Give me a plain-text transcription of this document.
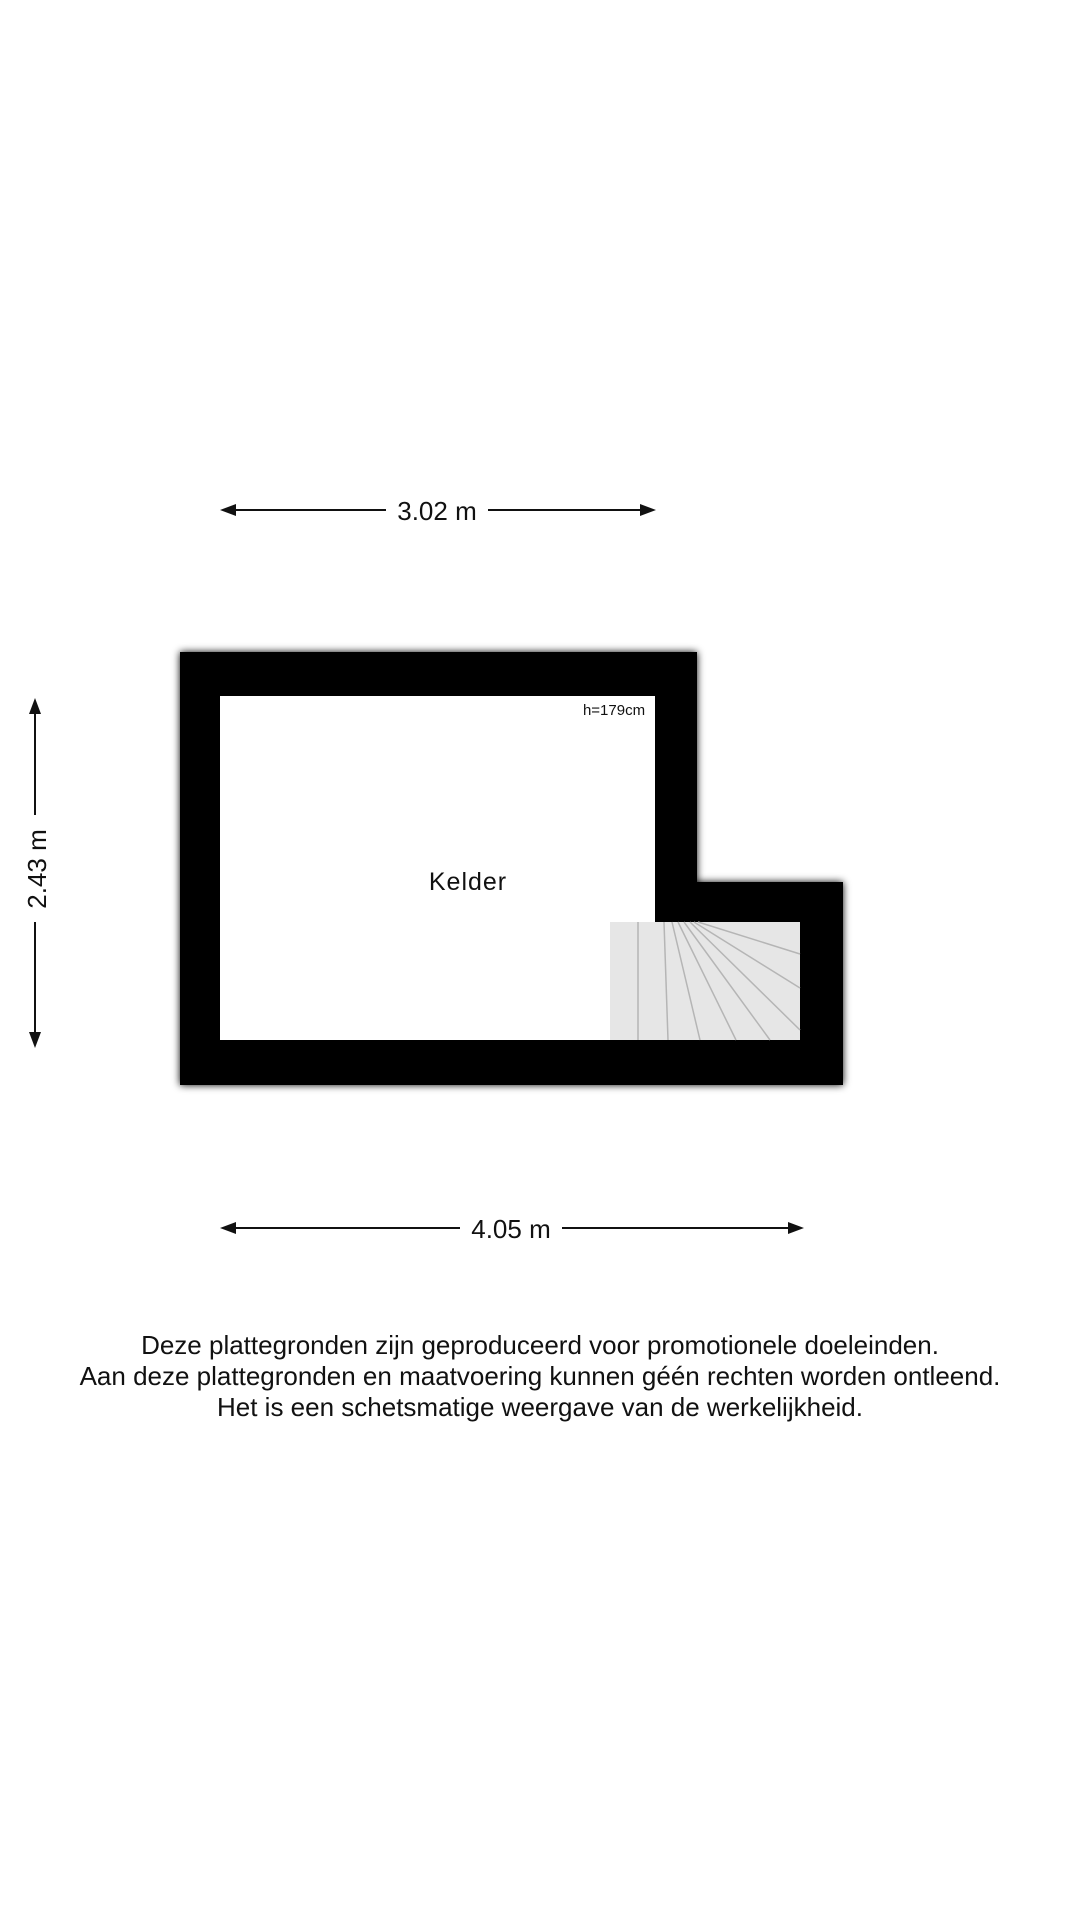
3.02 m
2.43 m
4.05 m
h=179cm
Kelder
Deze plattegronden zijn geproduceerd voor promotionele doeleinden.
Aan deze plattegronden en maatvoering kunnen géén rechten worden ontleend.
Het is een schetsmatige weergave van de werkelijkheid.
